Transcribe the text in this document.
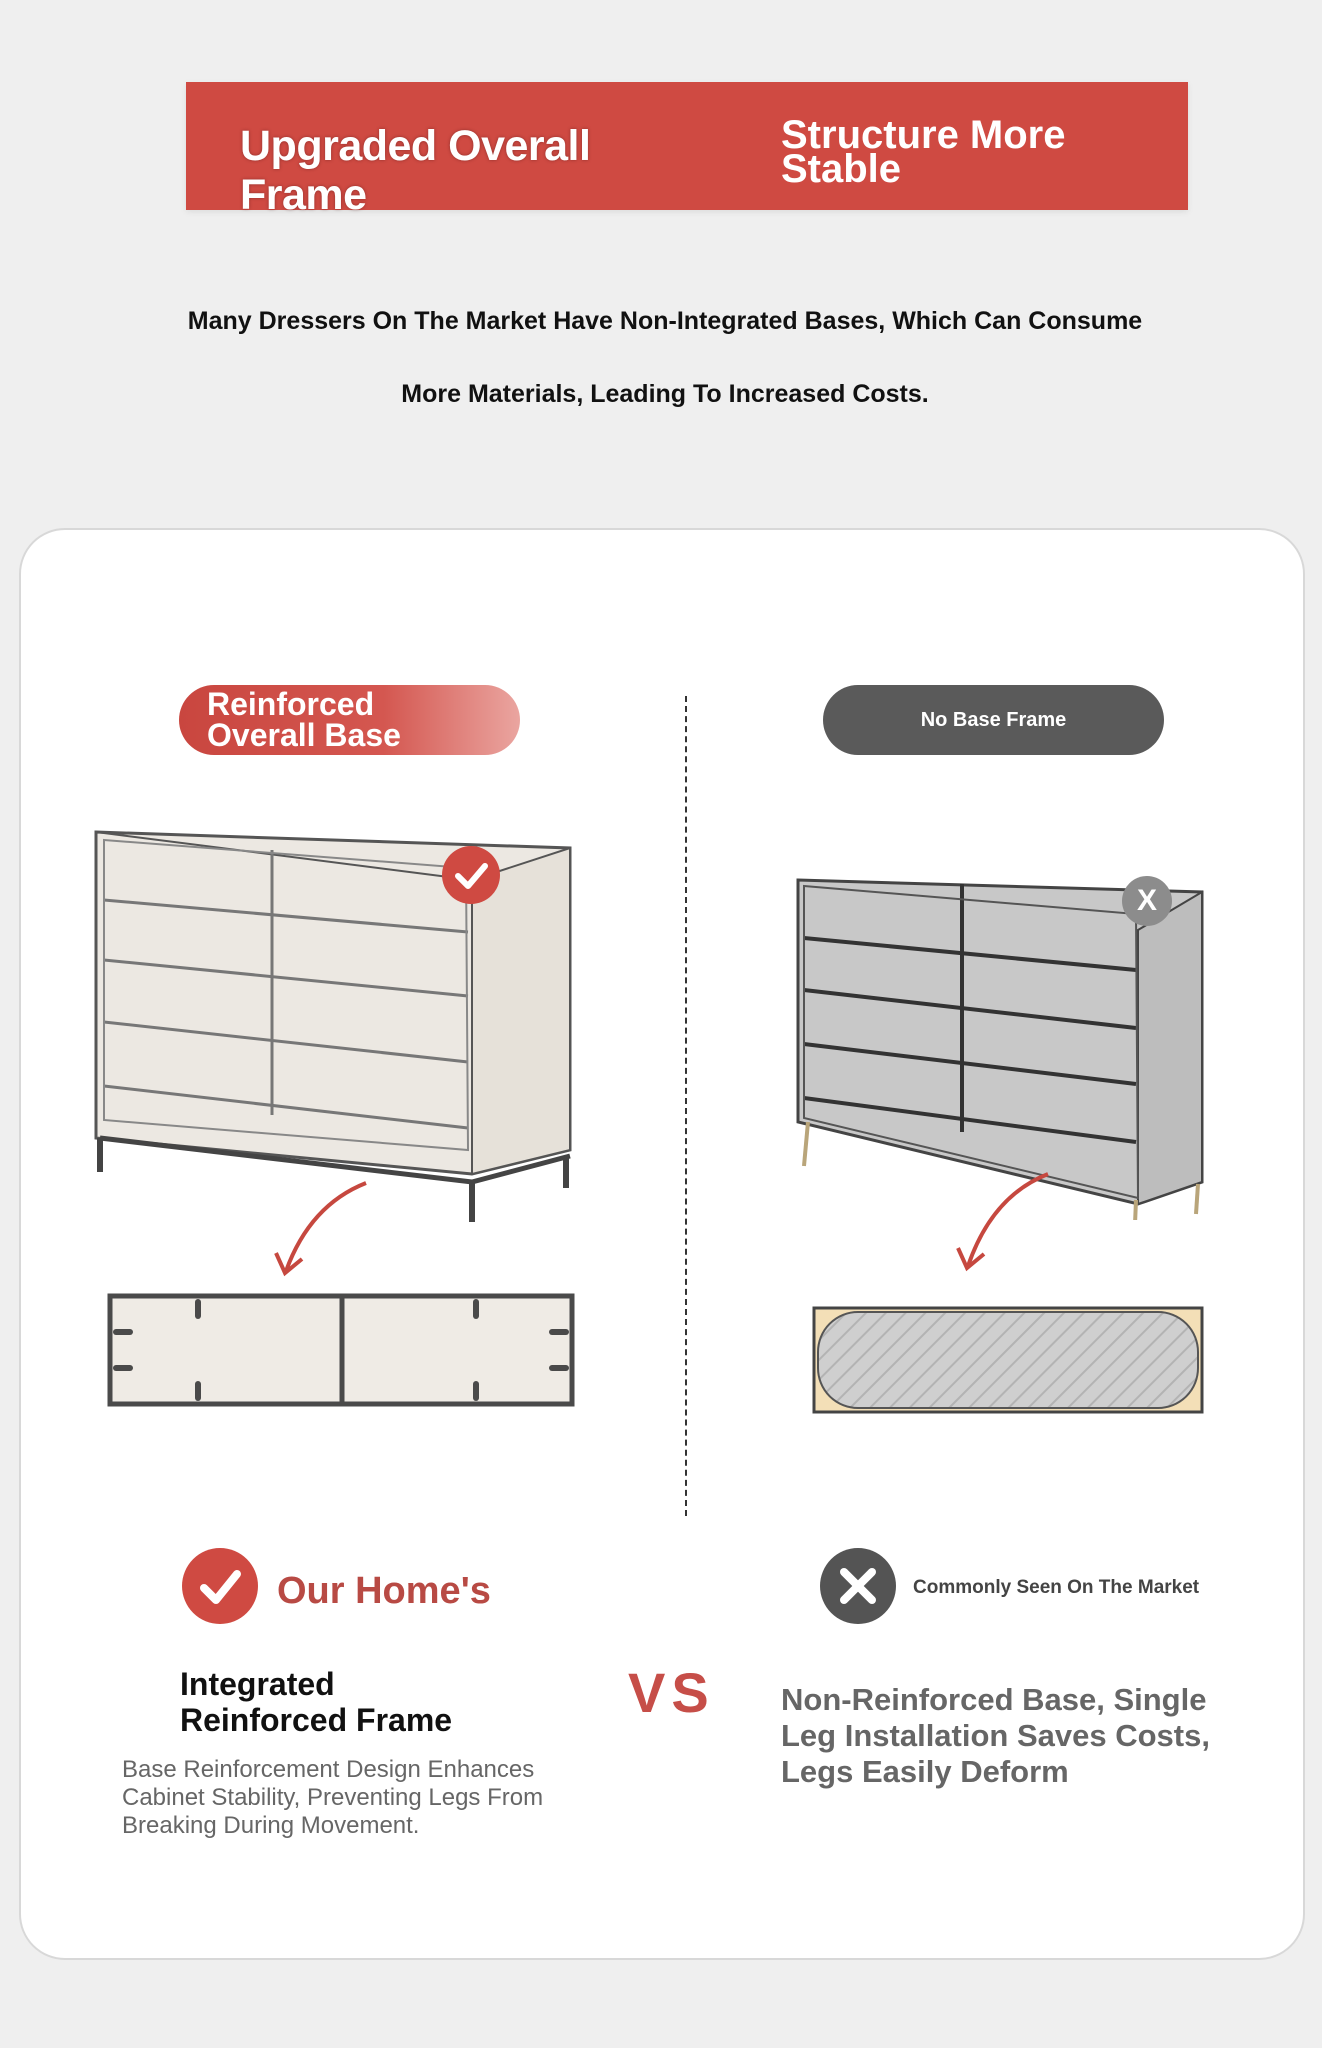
Upgraded Overall Frame
Structure More
Stable
Many Dressers On The Market Have Non-Integrated Bases, Which Can Consume
More Materials, Leading To Increased Costs.
Reinforced
Overall Base	No Base Frame
X
Our Home's	Commonly Seen On The Market
VS
Integrated
Reinforced Frame
Base Reinforcement Design Enhances Cabinet Stability, Preventing Legs From Breaking During Movement.
Non-Reinforced Base, Single Leg Installation Saves Costs, Legs Easily Deform
